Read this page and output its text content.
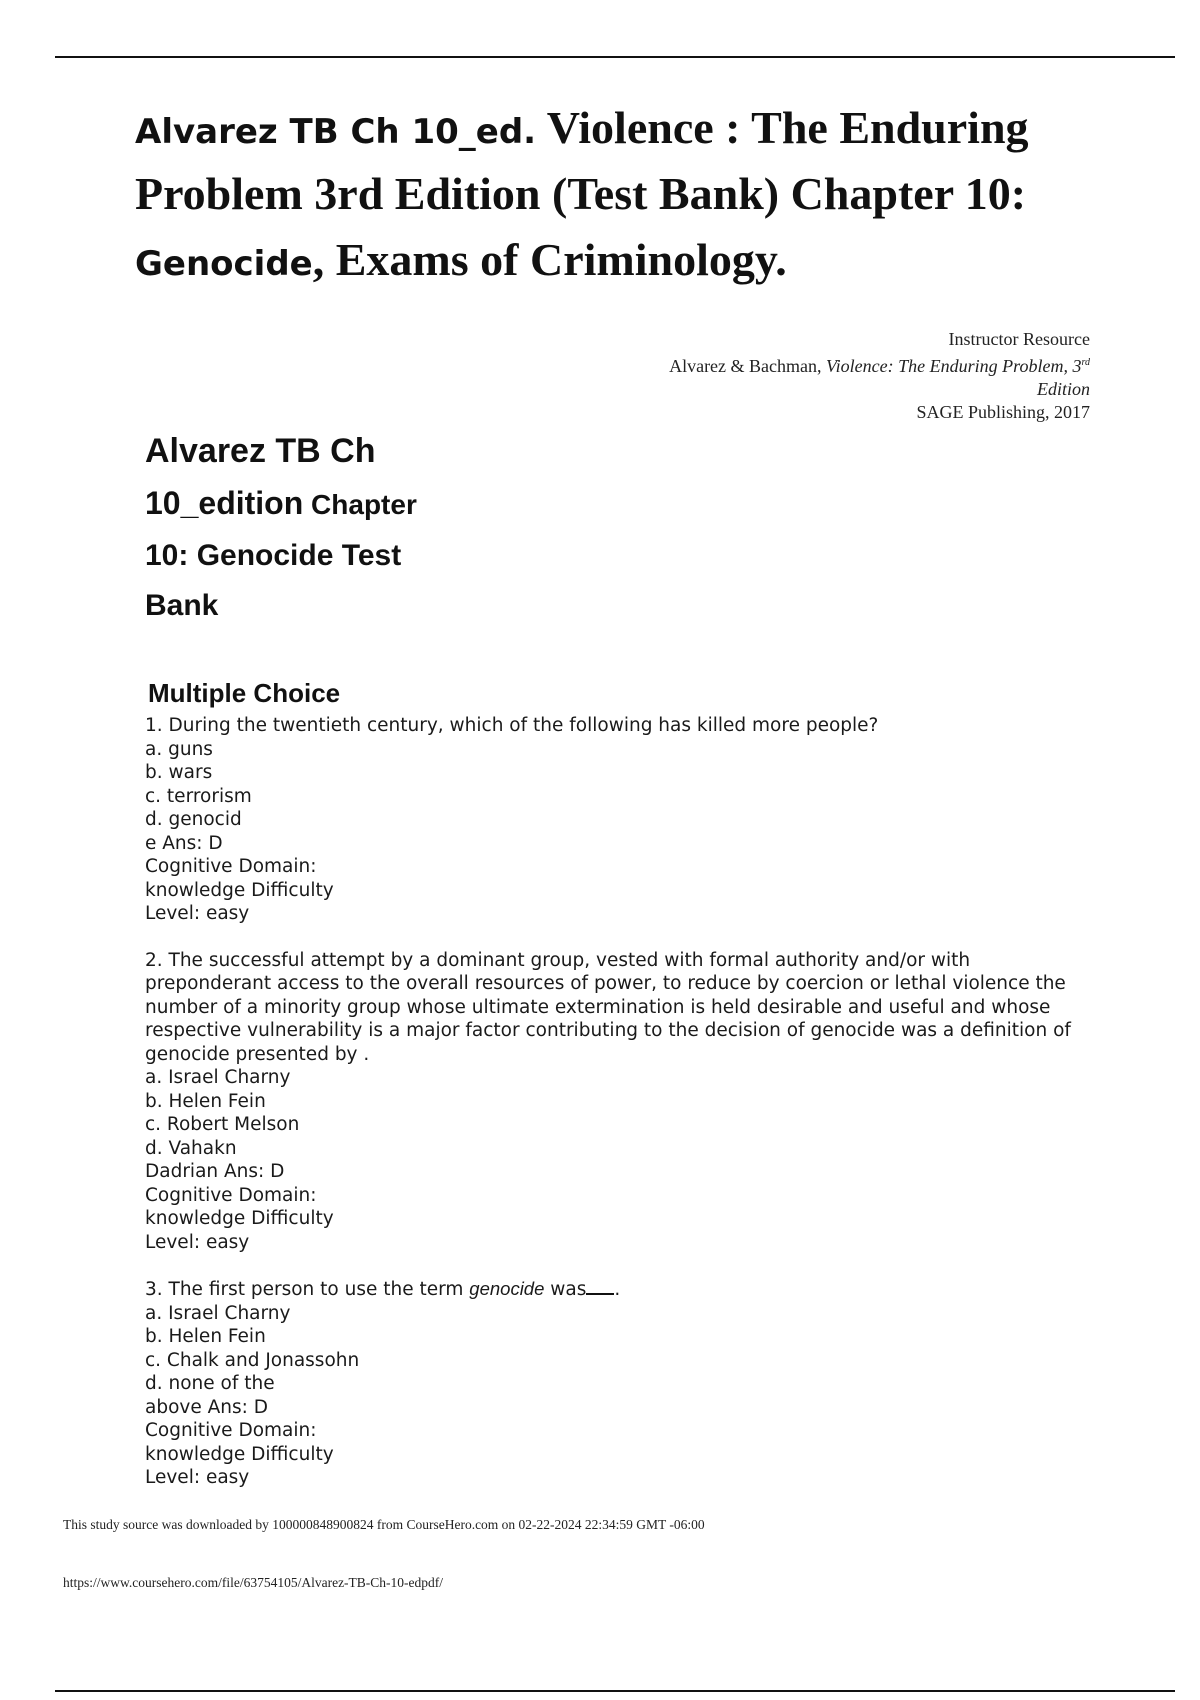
Alvarez TB Ch 10_ed. Violence : The Enduring Problem 3rd Edition (Test Bank) Chapter 10: Genocide, Exams of Criminology.
Instructor Resource
Alvarez & Bachman, Violence: The Enduring Problem, 3rd
Edition
SAGE Publishing, 2017
Alvarez TB Ch
10_edition Chapter
10: Genocide Test
Bank
Multiple Choice
1. During the twentieth century, which of the following has killed more people?
a. guns
b. wars
c. terrorism
d. genocid
e Ans: D
Cognitive Domain:
knowledge Difficulty
Level: easy
2. The successful attempt by a dominant group, vested with formal authority and/or with preponderant access to the overall resources of power, to reduce by coercion or lethal violence the number of a minority group whose ultimate extermination is held desirable and useful and whose respective vulnerability is a major factor contributing to the decision of genocide was a definition of genocide presented by .
a. Israel Charny
b. Helen Fein
c. Robert Melson
d. Vahakn
Dadrian Ans: D
Cognitive Domain:
knowledge Difficulty
Level: easy
3. The first person to use the term genocide was .
a. Israel Charny
b. Helen Fein
c. Chalk and Jonassohn
d. none of the
above Ans: D
Cognitive Domain:
knowledge Difficulty
Level: easy
This study source was downloaded by 100000848900824 from CourseHero.com on 02-22-2024 22:34:59 GMT -06:00
https://www.coursehero.com/file/63754105/Alvarez-TB-Ch-10-edpdf/
